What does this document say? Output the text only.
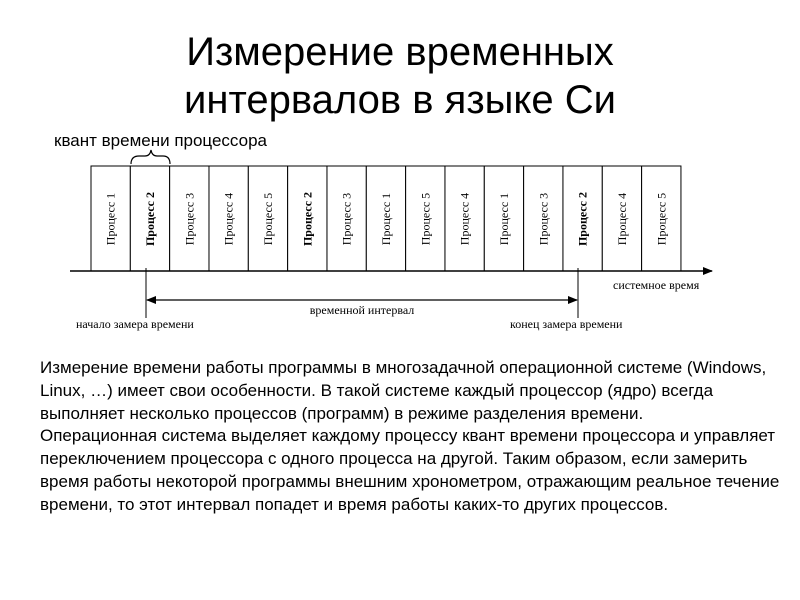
Измерение временных
интервалов в языке Си
квант времени процессора
Процесс 1 Процесс 2 Процесс 3 Процесс 4 Процесс 5 Процесс 2 Процесс 3 Процесс 1 Процесс 5 Процесс 4 Процесс 1 Процесс 3 Процесс 2 Процесс 4 Процесс 5
системное время
временной интервал
начало замера времени	конец замера времени

Измерение времени работы программы в многозадачной операционной системе (Windows, Linux, …) имеет свои особенности. В такой системе каждый процессор (ядро) всегда выполняет несколько процессов (программ) в режиме разделения времени.

Операционная система выделяет каждому процессу квант времени процессора и управляет переключением процессора с одного процесса на другой. Таким образом, если замерить время работы некоторой программы внешним хронометром, отражающим реальное течение времени, то этот интервал попадет и время работы каких-то других процессов.
